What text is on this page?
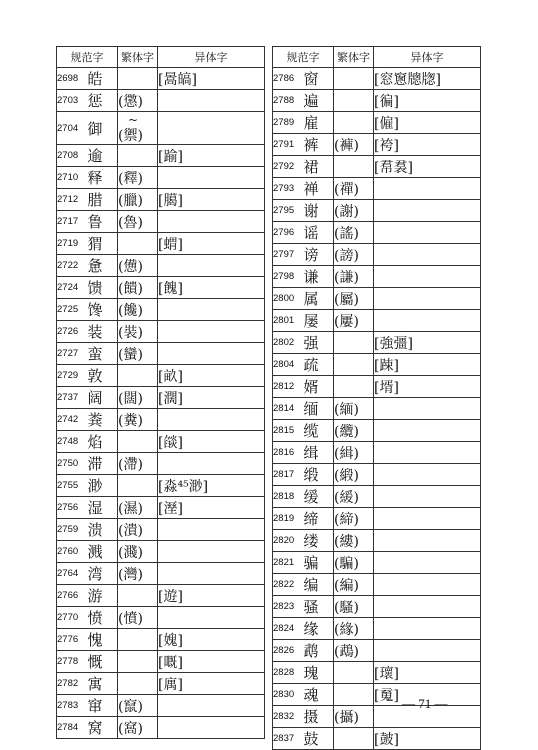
规范字		繁体字	异体字
2698	皓		[暠皜]
2703	惩	(懲)	
2704	御	~
(禦)	

2708	逾		[踰]
2710	释	(釋)	
2712	腊	(臘)	[臈]
2717	鲁	(魯)	
2719	猬		[蝟]
2722	惫	(憊)	
2724	馈	(饋)	[餽]
2725	馋	(饞)	
2726	装	(裝)	
2727	蛮	(蠻)	
2729	敦		[畝]
2737	阔	(闊)	[濶]
2742	粪	(糞)	
2748	焰		[燄]
2750	滞	(滯)	
2755	渺		[淼⁴⁵渺]
2756	湿	(濕)	[溼]
2759	溃	(潰)	
2760	溅	(濺)	
2764	湾	(灣)	
2766	游		[遊]
2770	愤	(憤)	
2776	愧		[媿]
2778	慨		[嘅]
2782	寓		[庽]
2783	窜	(竄)	
2784	窝	(窩)	
规范字		繁体字	异体字
2786	窗		[窓窻牕牎]
2788	遍		[徧]
2789	雇		[僱]
2791	裤	(褲)	[袴]
2792	裙		[帬裠]
2793	禅	(禪)	
2795	谢	(謝)	
2796	谣	(謠)	
2797	谤	(謗)	
2798	谦	(謙)	
2800	属	(屬)	
2801	屡	(屢)	
2802	强		[強彊]
2804	疏		[踈]
2812	婿		[壻]
2814	缅	(緬)	
2815	缆	(纜)	
2816	缉	(緝)	
2817	缎	(緞)	
2818	缓	(緩)	
2819	缔	(締)	
2820	缕	(縷)	
2821	骗	(騙)	
2822	编	(編)	
2823	骚	(騷)	
2824	缘	(緣)	
2826	鹉	(鵡)	
2828	瑰		[瓌]
2830	魂		[䰟]
2832	摄	(攝)	
2837	鼓		[皷]
— 71 —
